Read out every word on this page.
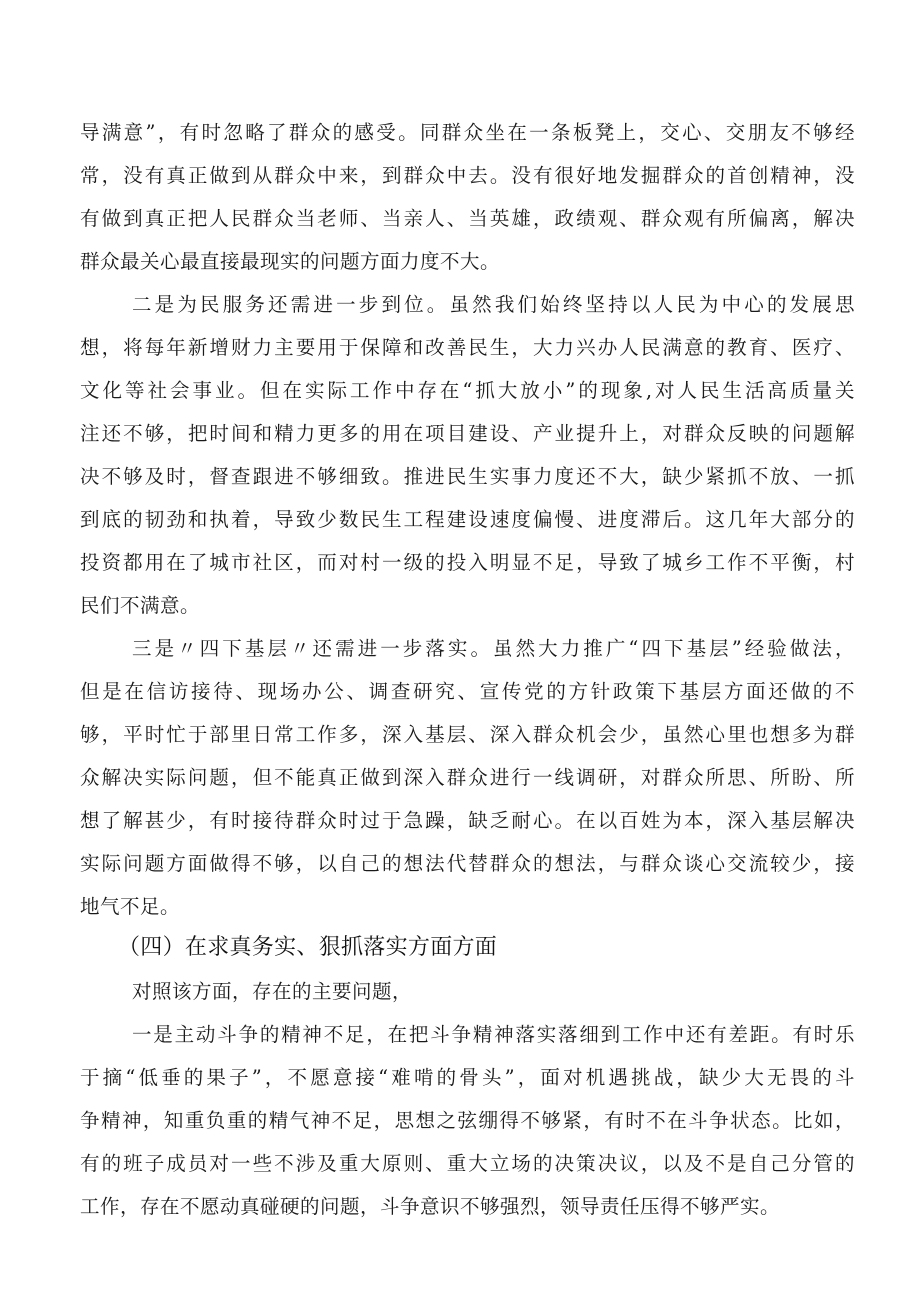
导满意”，有时忽略了群众的感受。同群众坐在一条板凳上，交心、交朋友不够经
常，没有真正做到从群众中来，到群众中去。没有很好地发掘群众的首创精神，没
有做到真正把人民群众当老师、当亲人、当英雄，政绩观、群众观有所偏离，解决
群众最关心最直接最现实的问题方面力度不大。
二是为民服务还需进一步到位。虽然我们始终坚持以人民为中心的发展思
想，将每年新增财力主要用于保障和改善民生，大力兴办人民满意的教育、医疗、
文化等社会事业。但在实际工作中存在“抓大放小”的现象,对人民生活高质量关
注还不够，把时间和精力更多的用在项目建设、产业提升上，对群众反映的问题解
决不够及时，督查跟进不够细致。推进民生实事力度还不大，缺少紧抓不放、一抓
到底的韧劲和执着，导致少数民生工程建设速度偏慢、进度滞后。这几年大部分的
投资都用在了城市社区，而对村一级的投入明显不足，导致了城乡工作不平衡，村
民们不满意。
三是〃四下基层〃还需进一步落实。虽然大力推广“四下基层”经验做法，
但是在信访接待、现场办公、调查研究、宣传党的方针政策下基层方面还做的不
够，平时忙于部里日常工作多，深入基层、深入群众机会少，虽然心里也想多为群
众解决实际问题，但不能真正做到深入群众进行一线调研，对群众所思、所盼、所
想了解甚少，有时接待群众时过于急躁，缺乏耐心。在以百姓为本，深入基层解决
实际问题方面做得不够，以自己的想法代替群众的想法，与群众谈心交流较少，接
地气不足。
（四）在求真务实、狠抓落实方面方面
对照该方面，存在的主要问题，
一是主动斗争的精神不足，在把斗争精神落实落细到工作中还有差距。有时乐
于摘“低垂的果子”，不愿意接“难啃的骨头”，面对机遇挑战，缺少大无畏的斗
争精神，知重负重的精气神不足，思想之弦绷得不够紧，有时不在斗争状态。比如，
有的班子成员对一些不涉及重大原则、重大立场的决策决议，以及不是自己分管的
工作，存在不愿动真碰硬的问题，斗争意识不够强烈，领导责任压得不够严实。
